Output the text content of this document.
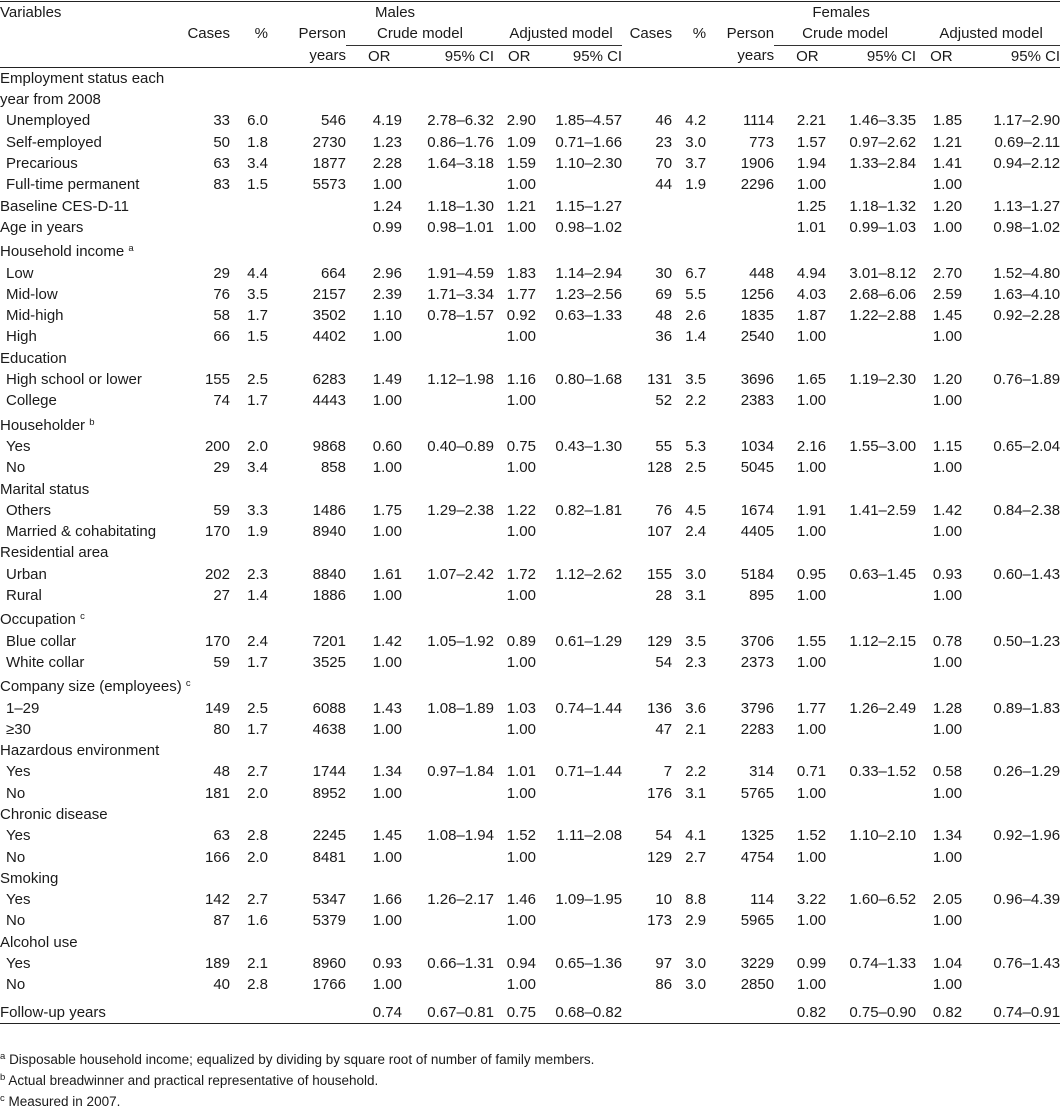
Variables	Males							Females						
	Cases	%	Person	Crude model		Adjusted model		Cases	%	Person	Crude model		Adjusted model	
			years	OR	95% CI	OR	95% CI			years	OR	95% CI	OR	95% CI
Employment status each														
year from 2008														
Unemployed	33	6.0	546	4.19	2.78–6.32	2.90	1.85–4.57	46	4.2	1114	2.21	1.46–3.35	1.85	1.17–2.90
Self-employed	50	1.8	2730	1.23	0.86–1.76	1.09	0.71–1.66	23	3.0	773	1.57	0.97–2.62	1.21	0.69–2.11
Precarious	63	3.4	1877	2.28	1.64–3.18	1.59	1.10–2.30	70	3.7	1906	1.94	1.33–2.84	1.41	0.94–2.12
Full-time permanent	83	1.5	5573	1.00		1.00		44	1.9	2296	1.00		1.00	
Baseline CES-D-11				1.24	1.18–1.30	1.21	1.15–1.27				1.25	1.18–1.32	1.20	1.13–1.27
Age in years				0.99	0.98–1.01	1.00	0.98–1.02				1.01	0.99–1.03	1.00	0.98–1.02
Household income $^a$	
Low	29	4.4	664	2.96	1.91–4.59	1.83	1.14–2.94	30	6.7	448	4.94	3.01–8.12	2.70	1.52–4.80
Mid-low	76	3.5	2157	2.39	1.71–3.34	1.77	1.23–2.56	69	5.5	1256	4.03	2.68–6.06	2.59	1.63–4.10
Mid-high	58	1.7	3502	1.10	0.78–1.57	0.92	0.63–1.33	48	2.6	1835	1.87	1.22–2.88	1.45	0.92–2.28
High	66	1.5	4402	1.00		1.00		36	1.4	2540	1.00		1.00	
Education														
High school or lower	155	2.5	6283	1.49	1.12–1.98	1.16	0.80–1.68	131	3.5	3696	1.65	1.19–2.30	1.20	0.76–1.89
College	74	1.7	4443	1.00		1.00		52	2.2	2383	1.00		1.00	
Householder $^b$	
Yes	200	2.0	9868	0.60	0.40–0.89	0.75	0.43–1.30	55	5.3	1034	2.16	1.55–3.00	1.15	0.65–2.04
No	29	3.4	858	1.00		1.00		128	2.5	5045	1.00		1.00	
Marital status														
Others	59	3.3	1486	1.75	1.29–2.38	1.22	0.82–1.81	76	4.5	1674	1.91	1.41–2.59	1.42	0.84–2.38
Married & cohabitating	170	1.9	8940	1.00		1.00		107	2.4	4405	1.00		1.00	
Residential area														
Urban	202	2.3	8840	1.61	1.07–2.42	1.72	1.12–2.62	155	3.0	5184	0.95	0.63–1.45	0.93	0.60–1.43
Rural	27	1.4	1886	1.00		1.00		28	3.1	895	1.00		1.00	
Occupation $^c$	
Blue collar	170	2.4	7201	1.42	1.05–1.92	0.89	0.61–1.29	129	3.5	3706	1.55	1.12–2.15	0.78	0.50–1.23
White collar	59	1.7	3525	1.00		1.00		54	2.3	2373	1.00		1.00	
Company size (employees) $^c$	
1–29	149	2.5	6088	1.43	1.08–1.89	1.03	0.74–1.44	136	3.6	3796	1.77	1.26–2.49	1.28	0.89–1.83
≥30	80	1.7	4638	1.00		1.00		47	2.1	2283	1.00		1.00	
Hazardous environment														
Yes	48	2.7	1744	1.34	0.97–1.84	1.01	0.71–1.44	7	2.2	314	0.71	0.33–1.52	0.58	0.26–1.29
No	181	2.0	8952	1.00		1.00		176	3.1	5765	1.00		1.00	
Chronic disease														
Yes	63	2.8	2245	1.45	1.08–1.94	1.52	1.11–2.08	54	4.1	1325	1.52	1.10–2.10	1.34	0.92–1.96
No	166	2.0	8481	1.00		1.00		129	2.7	4754	1.00		1.00	
Smoking														
Yes	142	2.7	5347	1.66	1.26–2.17	1.46	1.09–1.95	10	8.8	114	3.22	1.60–6.52	2.05	0.96–4.39
No	87	1.6	5379	1.00		1.00		173	2.9	5965	1.00		1.00	
Alcohol use														
Yes	189	2.1	8960	0.93	0.66–1.31	0.94	0.65–1.36	97	3.0	3229	0.99	0.74–1.33	1.04	0.76–1.43
No	40	2.8	1766	1.00		1.00		86	3.0	2850	1.00		1.00	
Follow-up years				0.74	0.67–0.81	0.75	0.68–0.82				0.82	0.75–0.90	0.82	0.74–0.91
$^a$ Disposable household income; equalized by dividing by square root of number of family members.
$^b$ Actual breadwinner and practical representative of household.
$^c$ Measured in 2007.
